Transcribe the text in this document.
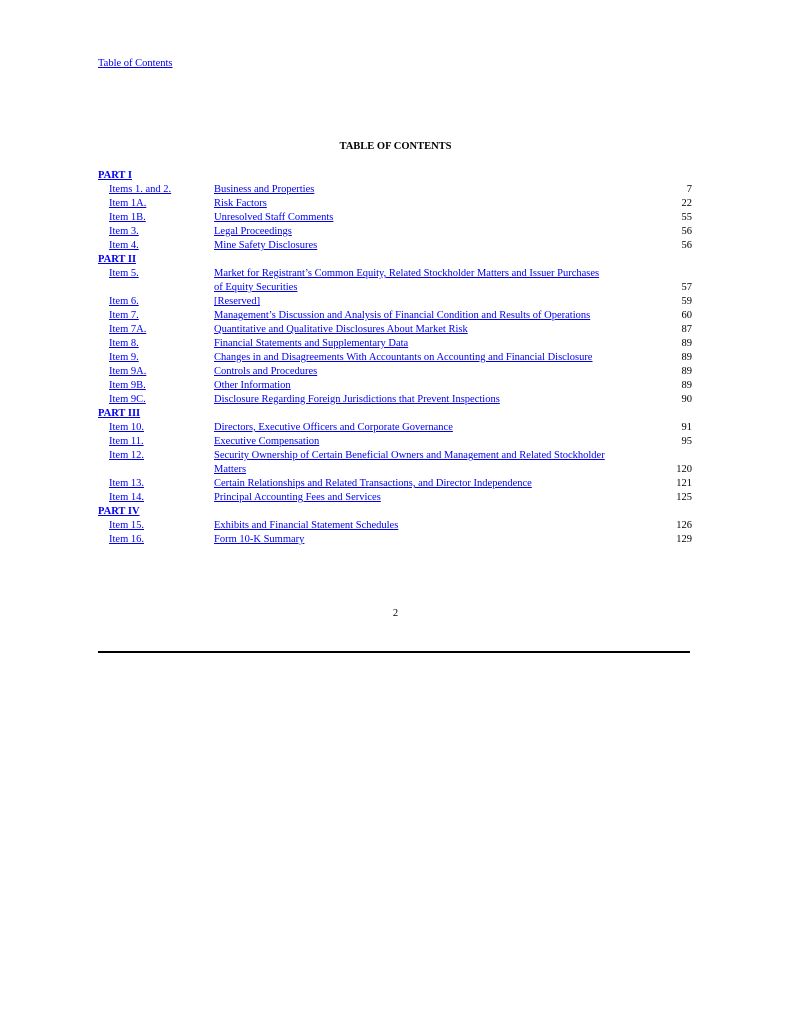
Table of Contents
TABLE OF CONTENTS
PART I
Items 1. and 2.	Business and Properties	7
Item 1A.	Risk Factors	22
Item 1B.	Unresolved Staff Comments	55
Item 3.	Legal Proceedings	56
Item 4.	Mine Safety Disclosures	56
PART II
Item 5.	Market for Registrant’s Common Equity, Related Stockholder Matters and Issuer Purchases
of Equity Securities	57
Item 6.	[Reserved]	59
Item 7.	Management’s Discussion and Analysis of Financial Condition and Results of Operations	60
Item 7A.	Quantitative and Qualitative Disclosures About Market Risk	87
Item 8.	Financial Statements and Supplementary Data	89
Item 9.	Changes in and Disagreements With Accountants on Accounting and Financial Disclosure	89
Item 9A.	Controls and Procedures	89
Item 9B.	Other Information	89
Item 9C.	Disclosure Regarding Foreign Jurisdictions that Prevent Inspections	90
PART III
Item 10.	Directors, Executive Officers and Corporate Governance	91
Item 11.	Executive Compensation	95
Item 12.	Security Ownership of Certain Beneficial Owners and Management and Related Stockholder
Matters	120
Item 13.	Certain Relationships and Related Transactions, and Director Independence	121
Item 14.	Principal Accounting Fees and Services	125
PART IV
Item 15.	Exhibits and Financial Statement Schedules	126
Item 16.	Form 10-K Summary	129
2
